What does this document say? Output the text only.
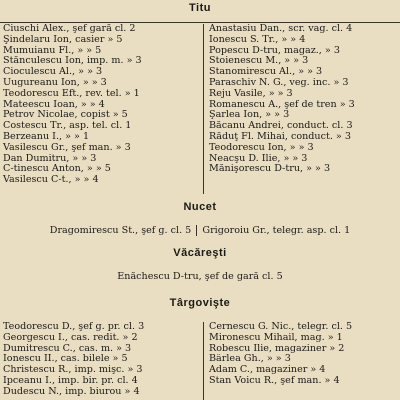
Titu
Ciuschi Alex., şef gară cl. 2
Şindelaru Ion, casier » 5
Mumuianu Fl., » » 5
Stănculescu Ion, imp. m. » 3
Cioculescu Al., » » 3
Uugureanu Ion, » » 3
Teodorescu Eft., rev. tel. » 1
Mateescu Ioan, » » 4
Petrov Nicolae, copist » 5
Costescu Tr., asp. tel. cl. 1
Berzeanu I., » » 1
Vasilescu Gr., şef man. » 3
Dan Dumitru, » » 3
C-tinescu Anton, » » 5
Vasilescu C-t., » » 4
Anastasiu Dan., scr. vag. cl. 4
Ionescu S. Tr., » » 4
Popescu D-tru, magaz., » 3
Stoienescu M., » » 3
Stanomirescu Al., » » 3
Paraschiv N. G., veg. inc. » 3
Reju Vasile, » » 3
Romanescu A., şef de tren » 3
Şarlea Ion, » » 3
Băcanu Andrei, conduct. cl. 3
Răduţ Fl. Mihai, conduct. » 3
Teodorescu Ion, » » 3
Neacşu D. Ilie, » » 3
Mănişorescu D-tru, » » 3
Nucet
Dragomirescu St., şef g. cl. 5 Grigoroiu Gr., telegr. asp. cl. 1
Văcăreşti
Enăchescu D-tru, şef de gară cl. 5
Târgovişte
Teodorescu D., şef g. pr. cl. 3
Georgescu I., cas. redit. » 2
Dumitrescu C., cas. m. » 3
Ionescu II., cas. bilele » 5
Christescu R., imp. mişc. » 3
Ipceanu I., imp. bir. pr. cl. 4
Dudescu N., imp. biurou » 4
Cernescu G. Nic., telegr. cl. 5
Mironescu Mihail, mag. » 1
Robescu Ilie, magaziner » 2
Bârlea Gh., » » 3
Adam C., magaziner » 4
Stan Voicu R., şef man. » 4
